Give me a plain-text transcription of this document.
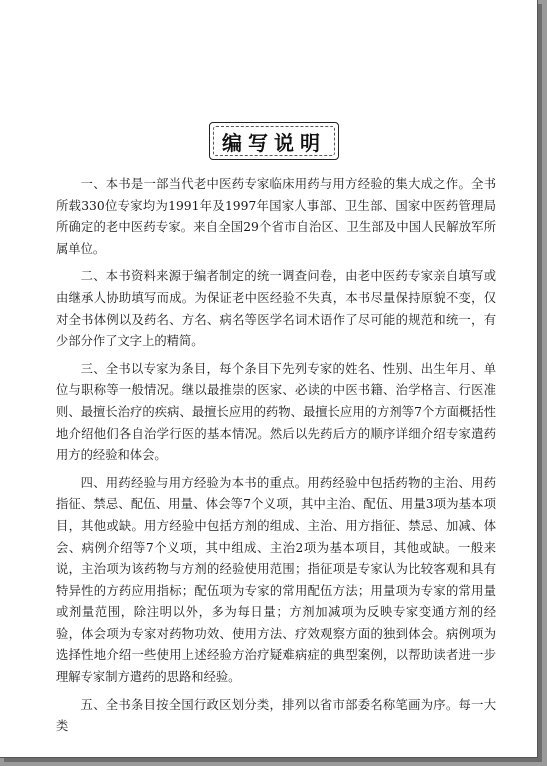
编写说明

一、本书是一部当代老中医药专家临床用药与用方经验的集大成之作。全书所载330位专家均为1991年及1997年国家人事部、卫生部、国家中医药管理局所确定的老中医药专家。来自全国29个省市自治区、卫生部及中国人民解放军所属单位。

二、本书资料来源于编者制定的统一调查问卷，由老中医药专家亲自填写或由继承人协助填写而成。为保证老中医经验不失真，本书尽量保持原貌不变，仅对全书体例以及药名、方名、病名等医学名词术语作了尽可能的规范和统一，有少部分作了文字上的精简。

三、全书以专家为条目，每个条目下先列专家的姓名、性别、出生年月、单位与职称等一般情况。继以最推崇的医家、必读的中医书籍、治学格言、行医准则、最擅长治疗的疾病、最擅长应用的药物、最擅长应用的方剂等7个方面概括性地介绍他们各自治学行医的基本情况。然后以先药后方的顺序详细介绍专家遣药用方的经验和体会。

四、用药经验与用方经验为本书的重点。用药经验中包括药物的主治、用药指征、禁忌、配伍、用量、体会等7个义项，其中主治、配伍、用量3项为基本项目，其他或缺。用方经验中包括方剂的组成、主治、用方指征、禁忌、加减、体会、病例介绍等7个义项，其中组成、主治2项为基本项目，其他或缺。一般来说，主治项为该药物与方剂的经验使用范围；指征项是专家认为比较客观和具有特异性的方药应用指标；配伍项为专家的常用配伍方法；用量项为专家的常用量或剂量范围，除注明以外，多为每日量；方剂加减项为反映专家变通方剂的经验，体会项为专家对药物功效、使用方法、疗效观察方面的独到体会。病例项为选择性地介绍一些使用上述经验方治疗疑难病症的典型案例，以帮助读者进一步理解专家制方遣药的思路和经验。

五、全书条目按全国行政区划分类，排列以省市部委名称笔画为序。每一大类
